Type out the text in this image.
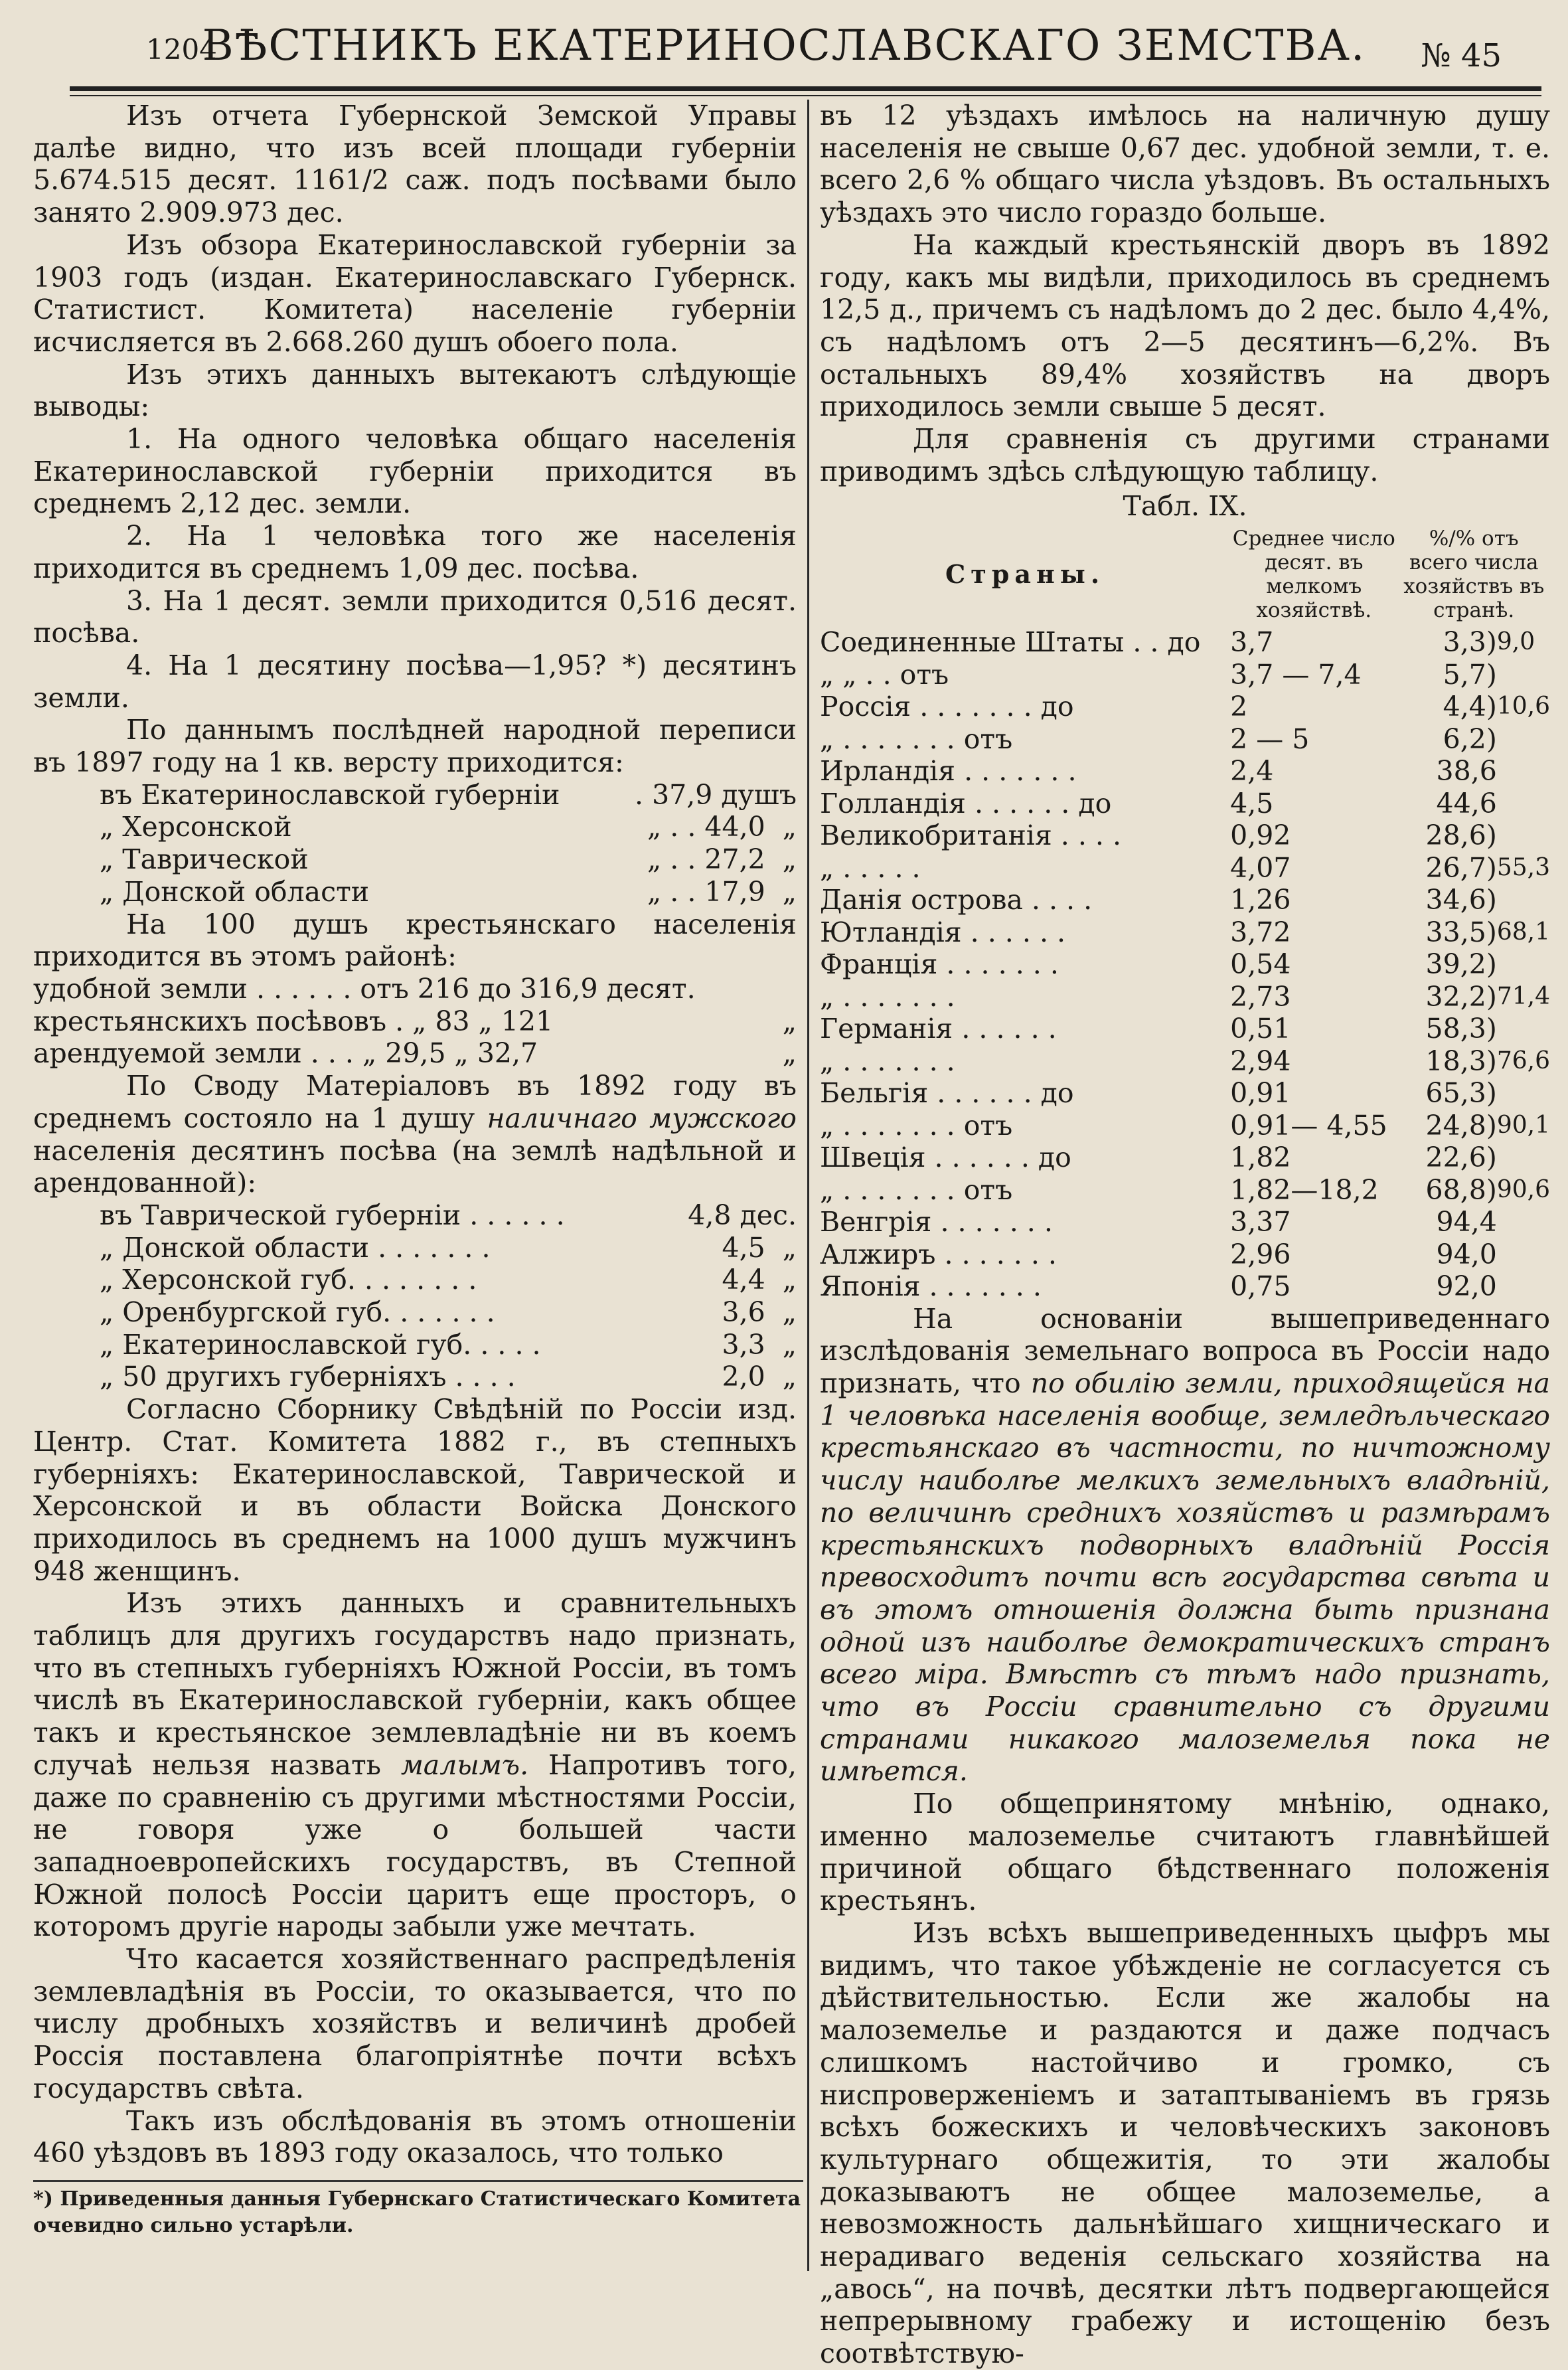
1204
ВѢСТНИКЪ ЕКАТЕРИНОСЛАВСКАГО ЗЕМСТВА.	№ 45

Изъ отчета Губернской Земской Управы далѣе видно, что изъ всей площади губерніи 5.674.515 десят. 1161/2 саж. подъ посѣвами было занято 2.909.973 дес.

Изъ обзора Екатеринославской губерніи за 1903 годъ (издан. Екатеринославскаго Губернск. Статистист. Комитета) населеніе губерніи исчисляется въ 2.668.260 душъ обоего пола.

Изъ этихъ данныхъ вытекаютъ слѣдующіе выводы:

1. На одного человѣка общаго населенія Екатеринославской губерніи приходится въ среднемъ 2,12 дес. земли.

2. На 1 человѣка того же населенія приходится въ среднемъ 1,09 дес. посѣва.

3. На 1 десят. земли приходится 0,516 десят. посѣва.

4. На 1 десятину посѣва—1,95? *) десятинъ земли.

По даннымъ послѣдней народной переписи въ 1897 году на 1 кв. версту приходится:

въ Екатеринославской губерніи	. 37,9 душъ
„ Херсонской	„ . . 44,0  „
„ Таврической	„ . . 27,2  „
„ Донской области	„ . . 17,9  „

На 100 душъ крестьянскаго населенія приходится въ этомъ районѣ:

удобной земли . . . . . . отъ 216 до 316,9 десят.
крестьянскихъ посѣвовъ . „ 83 „ 121	„
арендуемой земли . . . „ 29,5 „ 32,7	„

По Своду Матеріаловъ въ 1892 году въ среднемъ состояло на 1 душу наличнаго мужского населенія десятинъ посѣва (на землѣ надѣльной и арендованной):

въ Таврической губерніи . . . . . .	4,8 дес.
„ Донской области . . . . . . .	4,5  „
„ Херсонской губ. . . . . . . .	4,4  „
„ Оренбургской губ. . . . . . .	3,6  „
„ Екатеринославской губ. . . . .	3,3  „
„ 50 другихъ губерніяхъ . . . .	2,0  „

Согласно Сборнику Свѣдѣній по Россіи изд. Центр. Стат. Комитета 1882 г., въ степныхъ губерніяхъ: Екатеринославской, Таврической и Херсонской и въ области Войска Донского приходилось въ среднемъ на 1000 душъ мужчинъ 948 женщинъ.

Изъ этихъ данныхъ и сравнительныхъ таблицъ для другихъ государствъ надо признать, что въ степныхъ губерніяхъ Южной Россіи, въ томъ числѣ въ Екатеринославской губерніи, какъ общее такъ и крестьянское землевладѣніе ни въ коемъ случаѣ нельзя назвать малымъ. Напротивъ того, даже по сравненію съ другими мѣстностями Россіи, не говоря уже о большей части западноевропейскихъ государствъ, въ Степной Южной полосѣ Россіи царитъ еще просторъ, о которомъ другіе народы забыли уже мечтать.

Что касается хозяйственнаго распредѣленія землевладѣнія въ Россіи, то оказывается, что по числу дробныхъ хозяйствъ и величинѣ дробей Россія поставлена благопріятнѣе почти всѣхъ государствъ свѣта.

Такъ изъ обслѣдованія въ этомъ отношеніи 460 уѣздовъ въ 1893 году оказалось, что только

*) Приведенныя данныя Губернскаго Статистическаго Комитета очевидно сильно устарѣли.

въ 12 уѣздахъ имѣлось на наличную душу населенія не свыше 0,67 дес. удобной земли, т. е. всего 2,6 % общаго числа уѣздовъ. Въ остальныхъ уѣздахъ это число гораздо больше.

На каждый крестьянскій дворъ въ 1892 году, какъ мы видѣли, приходилось въ среднемъ 12,5 д., причемъ съ надѣломъ до 2 дес. было 4,4%, съ надѣломъ отъ 2—5 десятинъ—6,2%. Въ остальныхъ 89,4% хозяйствъ на дворъ приходилось земли свыше 5 десят.

Для сравненія съ другими странами приводимъ здѣсь слѣдующую таблицу.

Табл. IX.
Страны.	Среднее число десят. въ мелкомъ хозяйствѣ.	%/% отъ всего числа хозяйствъ въ странѣ.	
Соединенные Штаты . . до	3,7	3,3)	9,0
„ „ . . отъ	3,7 — 7,4	5,7)	
Россія . . . . . . . до	2	4,4)	10,6
„ . . . . . . . отъ	2 — 5	6,2)	
Ирландія . . . . . . .	2,4	38,6	
Голландія . . . . . . до	4,5	44,6	
Великобританія . . . .	0,92	28,6)	
„ . . . . .	4,07	26,7)	55,3
Данія острова . . . .	1,26	34,6)	
Ютландія . . . . . .	3,72	33,5)	68,1
Франція . . . . . . .	0,54	39,2)	
„ . . . . . . .	2,73	32,2)	71,4
Германія . . . . . .	0,51	58,3)	
„ . . . . . . .	2,94	18,3)	76,6
Бельгія . . . . . . до	0,91	65,3)	
„ . . . . . . . отъ	0,91— 4,55	24,8)	90,1
Швеція . . . . . . до	1,82	22,6)	
„ . . . . . . . отъ	1,82—18,2	68,8)	90,6
Венгрія . . . . . . .	3,37	94,4	
Алжиръ . . . . . . .	2,96	94,0	
Японія . . . . . . .	0,75	92,0	

На основаніи вышеприведеннаго изслѣдованія земельнаго вопроса въ Россіи надо признать, что по обилію земли, приходящейся на 1 человѣка населенія вообще, земледѣльческаго крестьянскаго въ частности, по ничтожному числу наиболѣе мелкихъ земельныхъ владѣній, по величинѣ среднихъ хозяйствъ и размѣрамъ крестьянскихъ подворныхъ владѣній Россія превосходитъ почти всѣ государства свѣта и въ этомъ отношенія должна быть признана одной изъ наиболѣе демократическихъ странъ всего міра. Вмѣстѣ съ тѣмъ надо признать, что въ Россіи сравнительно съ другими странами никакого малоземелья пока не имѣется.

По общепринятому мнѣнію, однако, именно малоземелье считаютъ главнѣйшей причиной общаго бѣдственнаго положенія крестьянъ.

Изъ всѣхъ вышеприведенныхъ цыфръ мы видимъ, что такое убѣжденіе не согласуется съ дѣйствительностью. Если же жалобы на малоземелье и раздаются и даже подчасъ слишкомъ настойчиво и громко, съ ниспроверженіемъ и затаптываніемъ въ грязь всѣхъ божескихъ и человѣческихъ законовъ культурнаго общежитія, то эти жалобы доказываютъ не общее малоземелье, а невозможность дальнѣйшаго хищническаго и нерадиваго веденія сельскаго хозяйства на „авось“, на почвѣ, десятки лѣтъ подвергающейся непрерывному грабежу и истощенію безъ соотвѣтствую-
